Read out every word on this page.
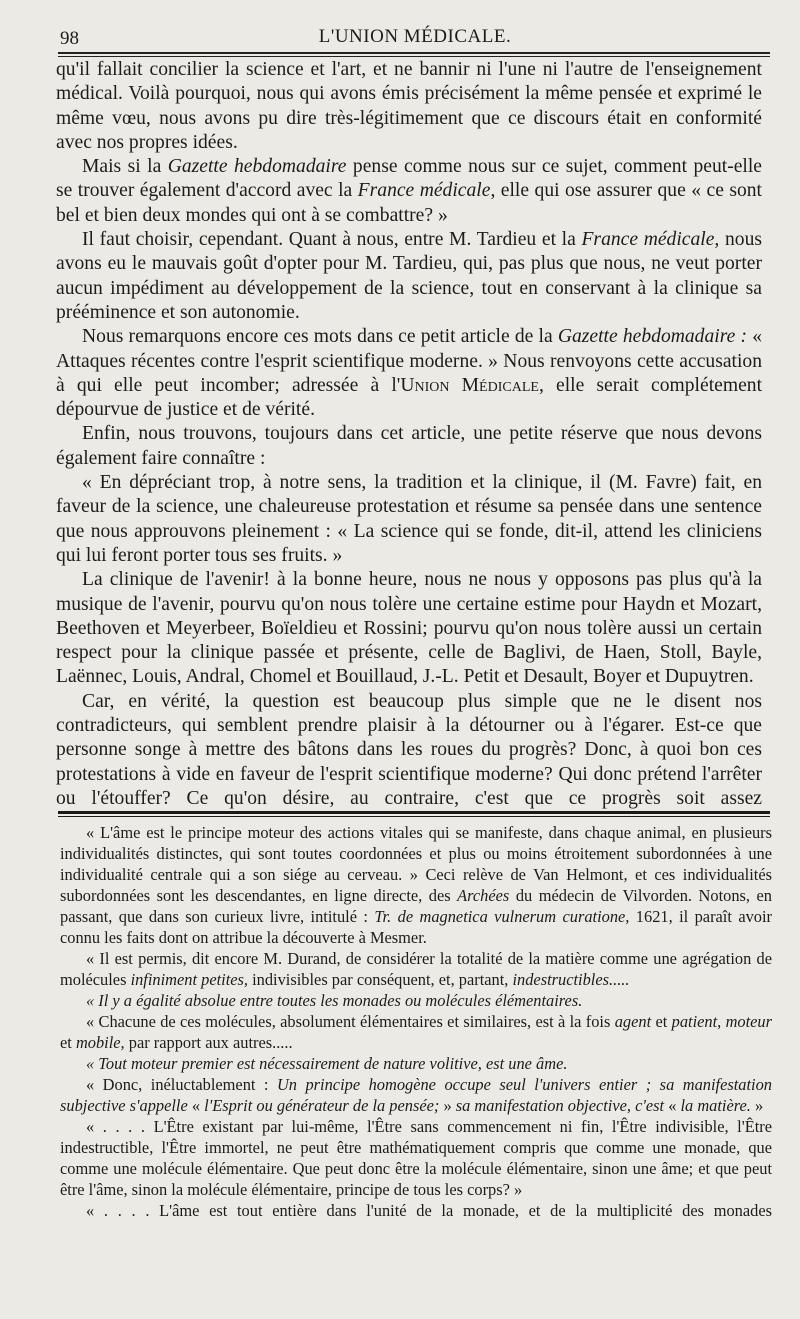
98	L'UNION MÉDICALE.

qu'il fallait concilier la science et l'art, et ne bannir ni l'une ni l'autre de l'enseignement médical. Voilà pourquoi, nous qui avons émis précisément la même pensée et exprimé le même vœu, nous avons pu dire très-légitimement que ce discours était en conformité avec nos propres idées.

Mais si la Gazette hebdomadaire pense comme nous sur ce sujet, comment peut-elle se trouver également d'accord avec la France médicale, elle qui ose assurer que « ce sont bel et bien deux mondes qui ont à se combattre? »

Il faut choisir, cependant. Quant à nous, entre M. Tardieu et la France médicale, nous avons eu le mauvais goût d'opter pour M. Tardieu, qui, pas plus que nous, ne veut porter aucun impédiment au développement de la science, tout en conservant à la clinique sa prééminence et son autonomie.

Nous remarquons encore ces mots dans ce petit article de la Gazette hebdomadaire : « Attaques récentes contre l'esprit scientifique moderne. » Nous renvoyons cette accusation à qui elle peut incomber; adressée à l'Union Médicale, elle serait complétement dépourvue de justice et de vérité.

Enfin, nous trouvons, toujours dans cet article, une petite réserve que nous devons également faire connaître :

« En dépréciant trop, à notre sens, la tradition et la clinique, il (M. Favre) fait, en faveur de la science, une chaleureuse protestation et résume sa pensée dans une sentence que nous approuvons pleinement : « La science qui se fonde, dit-il, attend les cliniciens qui lui feront porter tous ses fruits. »

La clinique de l'avenir! à la bonne heure, nous ne nous y opposons pas plus qu'à la musique de l'avenir, pourvu qu'on nous tolère une certaine estime pour Haydn et Mozart, Beethoven et Meyerbeer, Boïeldieu et Rossini; pourvu qu'on nous tolère aussi un certain respect pour la clinique passée et présente, celle de Baglivi, de Haen, Stoll, Bayle, Laënnec, Louis, Andral, Chomel et Bouillaud, J.-L. Petit et Desault, Boyer et Dupuytren.

Car, en vérité, la question est beaucoup plus simple que ne le disent nos contradicteurs, qui semblent prendre plaisir à la détourner ou à l'égarer. Est-ce que personne songe à mettre des bâtons dans les roues du progrès? Donc, à quoi bon ces protestations à vide en faveur de l'esprit scientifique moderne? Qui donc prétend l'arrêter ou l'étouffer? Ce qu'on désire, au contraire, c'est que ce progrès soit assez

« L'âme est le principe moteur des actions vitales qui se manifeste, dans chaque animal, en plusieurs individualités distinctes, qui sont toutes coordonnées et plus ou moins étroitement subordonnées à une individualité centrale qui a son siége au cerveau. » Ceci relève de Van Helmont, et ces individualités subordonnées sont les descendantes, en ligne directe, des Archées du médecin de Vilvorden. Notons, en passant, que dans son curieux livre, intitulé : Tr. de magnetica vulnerum curatione, 1621, il paraît avoir connu les faits dont on attribue la découverte à Mesmer.

« Il est permis, dit encore M. Durand, de considérer la totalité de la matière comme une agrégation de molécules infiniment petites, indivisibles par conséquent, et, partant, indestructibles.....

« Il y a égalité absolue entre toutes les monades ou molécules élémentaires.

« Chacune de ces molécules, absolument élémentaires et similaires, est à la fois agent et patient, moteur et mobile, par rapport aux autres.....

« Tout moteur premier est nécessairement de nature volitive, est une âme.

« Donc, inéluctablement : Un principe homogène occupe seul l'univers entier ; sa manifestation subjective s'appelle « l'Esprit ou générateur de la pensée; » sa manifestation objective, c'est « la matière. »

« . . . . L'Être existant par lui-même, l'Être sans commencement ni fin, l'Être indivisible, l'Être indestructible, l'Être immortel, ne peut être mathématiquement compris que comme une monade, que comme une molécule élémentaire. Que peut donc être la molécule élémentaire, sinon une âme; et que peut être l'âme, sinon la molécule élémentaire, principe de tous les corps? »

« . . . . L'âme est tout entière dans l'unité de la monade, et de la multiplicité des monades
